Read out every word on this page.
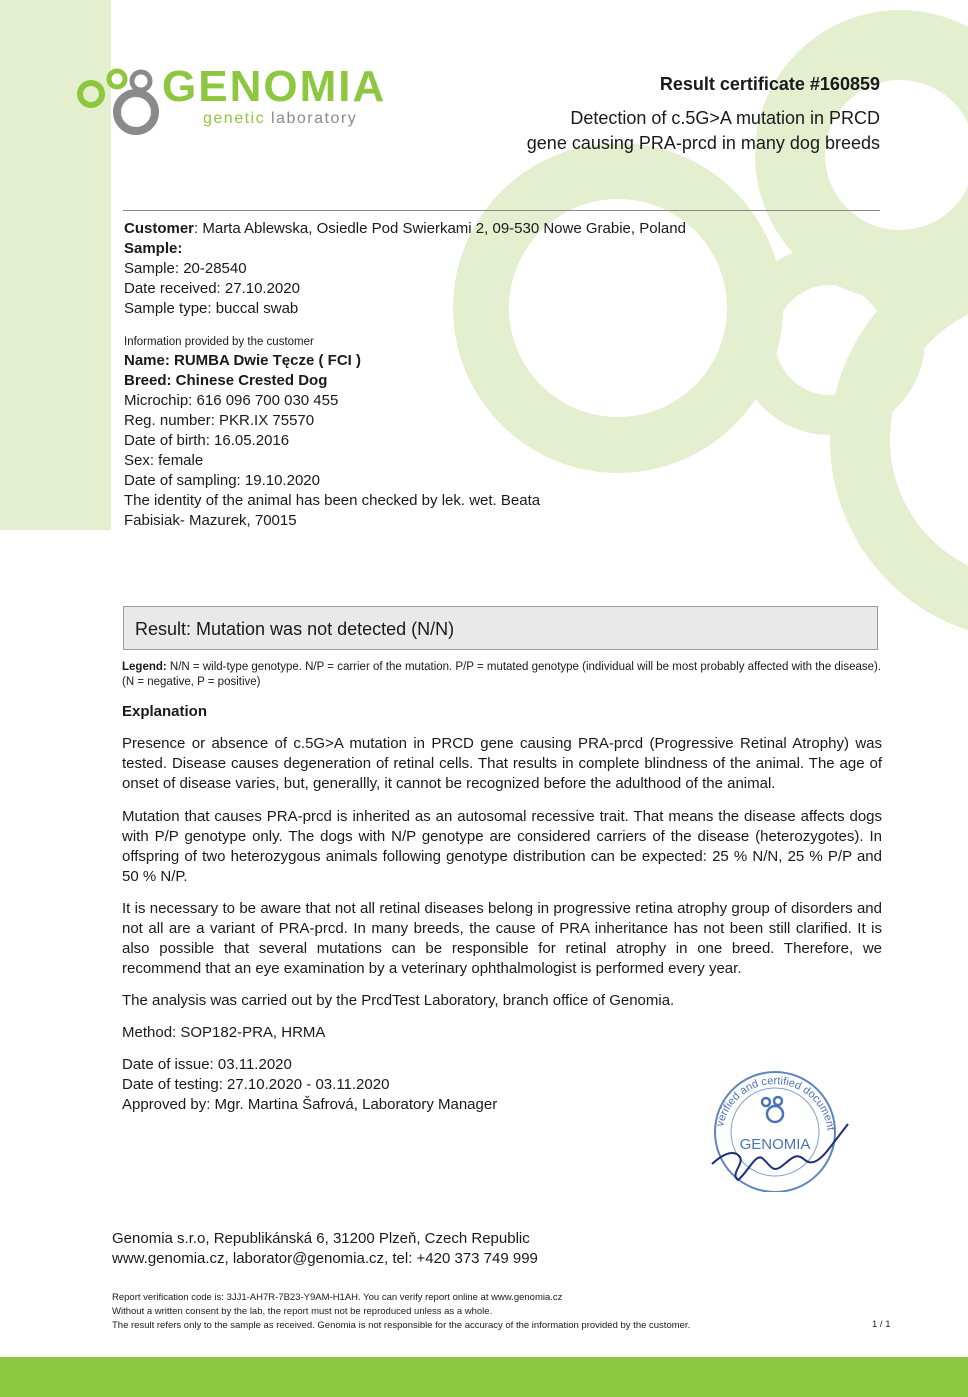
GENOMIA
genetic laboratory
Result certificate #160859
Detection of c.5G>A mutation in PRCD
gene causing PRA-prcd in many dog breeds
Customer: Marta Ablewska, Osiedle Pod Swierkami 2, 09-530 Nowe Grabie, Poland
Sample:
Sample: 20-28540
Date received: 27.10.2020
Sample type: buccal swab
Information provided by the customer
Name: RUMBA Dwie Tęcze ( FCI )
Breed: Chinese Crested Dog
Microchip: 616 096 700 030 455
Reg. number: PKR.IX 75570
Date of birth: 16.05.2016
Sex: female
Date of sampling: 19.10.2020
The identity of the animal has been checked by lek. wet. Beata
Fabisiak- Mazurek, 70015
Result: Mutation was not detected (N/N)
Legend: N/N = wild-type genotype. N/P = carrier of the mutation. P/P = mutated genotype (individual will be most probably affected with the disease). (N = negative, P = positive)
Explanation
Presence or absence of c.5G>A mutation in PRCD gene causing PRA-prcd (Progressive Retinal Atrophy) was tested. Disease causes degeneration of retinal cells. That results in complete blindness of the animal. The age of onset of disease varies, but, generallly, it cannot be recognized before the adulthood of the animal.
Mutation that causes PRA-prcd is inherited as an autosomal recessive trait. That means the disease affects dogs with P/P genotype only. The dogs with N/P genotype are considered carriers of the disease (heterozygotes). In offspring of two heterozygous animals following genotype distribution can be expected: 25 % N/N, 25 % P/P and 50 % N/P.
It is necessary to be aware that not all retinal diseases belong in progressive retina atrophy group of disorders and not all are a variant of PRA-prcd. In many breeds, the cause of PRA inheritance has not been still clarified. It is also possible that several mutations can be responsible for retinal atrophy in one breed. Therefore, we recommend that an eye examination by a veterinary ophthalmologist is performed every year.
The analysis was carried out by the PrcdTest Laboratory, branch office of Genomia.
Method: SOP182-PRA, HRMA
Date of issue: 03.11.2020
Date of testing: 27.10.2020 - 03.11.2020
Approved by: Mgr. Martina Šafrová, Laboratory Manager
verified and certified document
GENOMIA
Genomia s.r.o, Republikánská 6, 31200 Plzeň, Czech Republic
www.genomia.cz, laborator@genomia.cz, tel: +420 373 749 999
Report verification code is: 3JJ1-AH7R-7B23-Y9AM-H1AH. You can verify report online at www.genomia.cz
Without a written consent by the lab, the report must not be reproduced unless as a whole.
The result refers only to the sample as received. Genomia is not responsible for the accuracy of the information provided by the customer.	1 / 1
